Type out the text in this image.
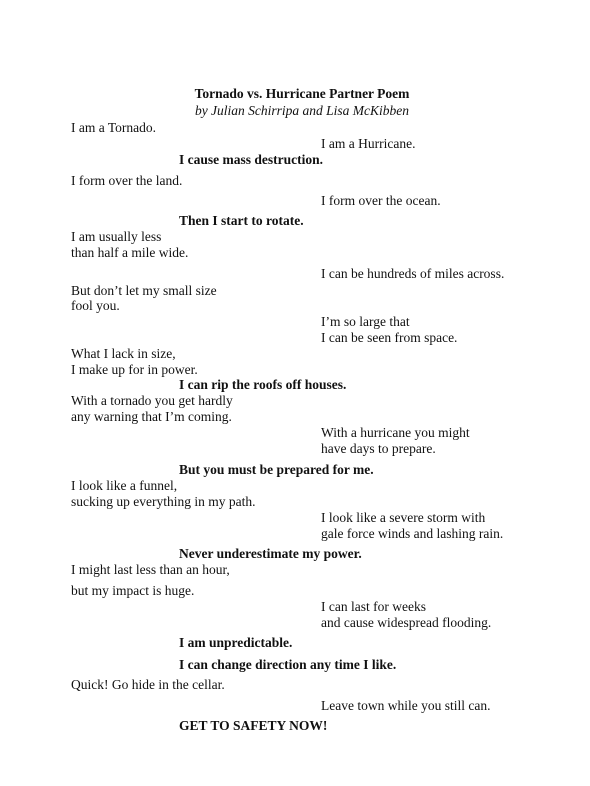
Tornado vs. Hurricane Partner Poem
by Julian Schirripa and Lisa McKibben
I am a Tornado.
I am a Hurricane.
I cause mass destruction.
I form over the land.
I form over the ocean.
Then I start to rotate.
I am usually less
than half a mile wide.
I can be hundreds of miles across.
But don’t let my small size
fool you.
I’m so large that
I can be seen from space.
What I lack in size,
I make up for in power.
I can rip the roofs off houses.
With a tornado you get hardly
any warning that I’m coming.
With a hurricane you might
have days to prepare.
But you must be prepared for me.
I look like a funnel,
sucking up everything in my path.
I look like a severe storm with
gale force winds and lashing rain.
Never underestimate my power.
I might last less than an hour,
but my impact is huge.
I can last for weeks
and cause widespread flooding.
I am unpredictable.
I can change direction any time I like.
Quick! Go hide in the cellar.
Leave town while you still can.
GET TO SAFETY NOW!
